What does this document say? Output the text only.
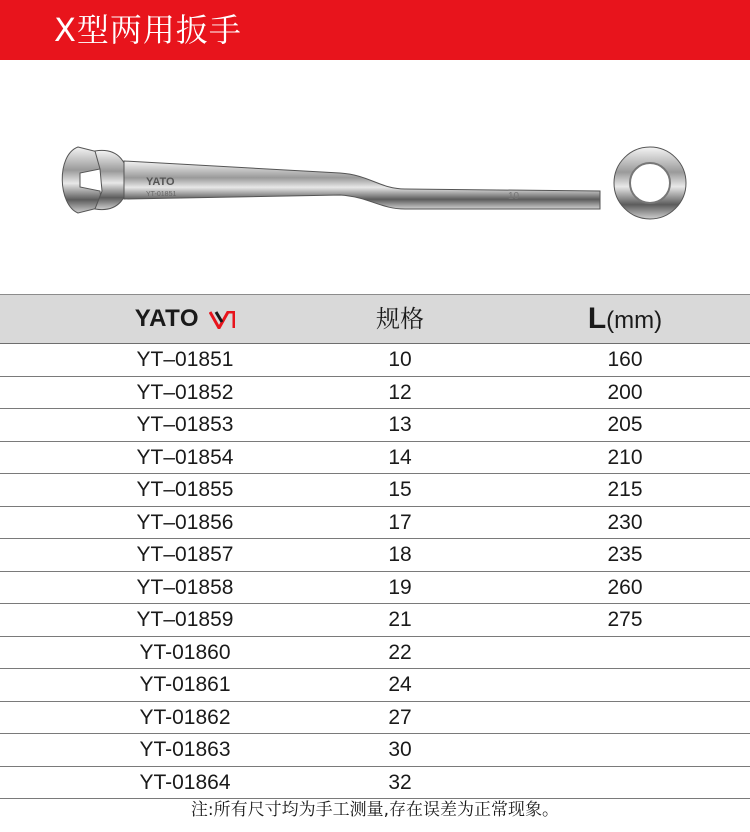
X型两用扳手
YATO
YT-01851	10
YATO	规格	L(mm)
YT–01851	10	160
YT–01852	12	200
YT–01853	13	205
YT–01854	14	210
YT–01855	15	215
YT–01856	17	230
YT–01857	18	235
YT–01858	19	260
YT–01859	21	275
YT-01860	22
YT-01861	24
YT-01862	27
YT-01863	30
YT-01864	32
注:所有尺寸均为手工测量,存在误差为正常现象。
